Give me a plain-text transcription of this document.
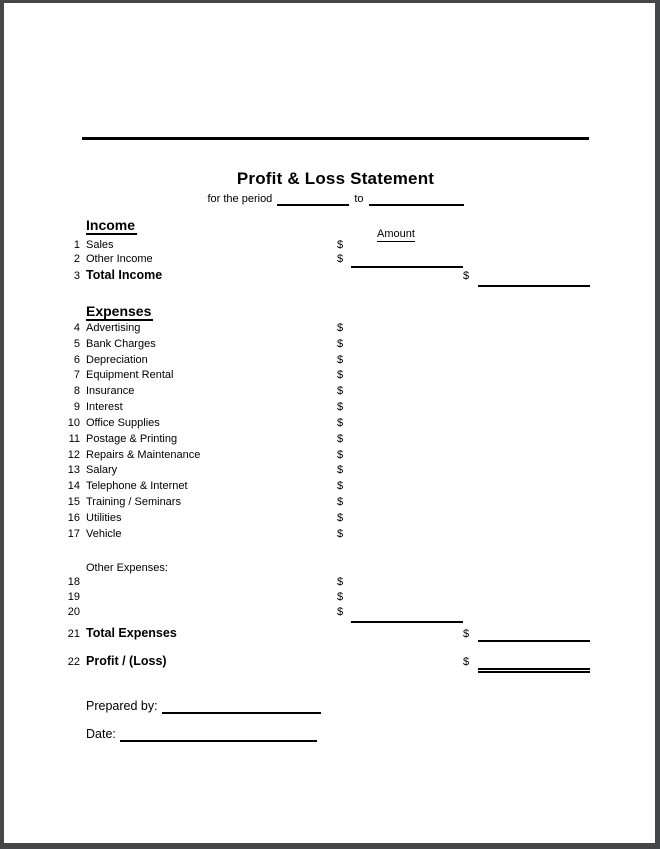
Profit & Loss Statement
for the period	to
Income
Amount
1 Sales	$
2 Other Income	$
3 Total Income	$
Expenses
4 Advertising	$
5 Bank Charges	$
6 Depreciation	$
7 Equipment Rental	$
8 Insurance	$
9 Interest	$
10 Office Supplies	$
11 Postage & Printing	$
12 Repairs & Maintenance	$
13 Salary	$
14 Telephone & Internet	$
15 Training / Seminars	$
16 Utilities	$
17 Vehicle	$
Other Expenses:
18	$
19	$
20	$
21 Total Expenses	$
22 Profit / (Loss)	$
Prepared by:
Date:
